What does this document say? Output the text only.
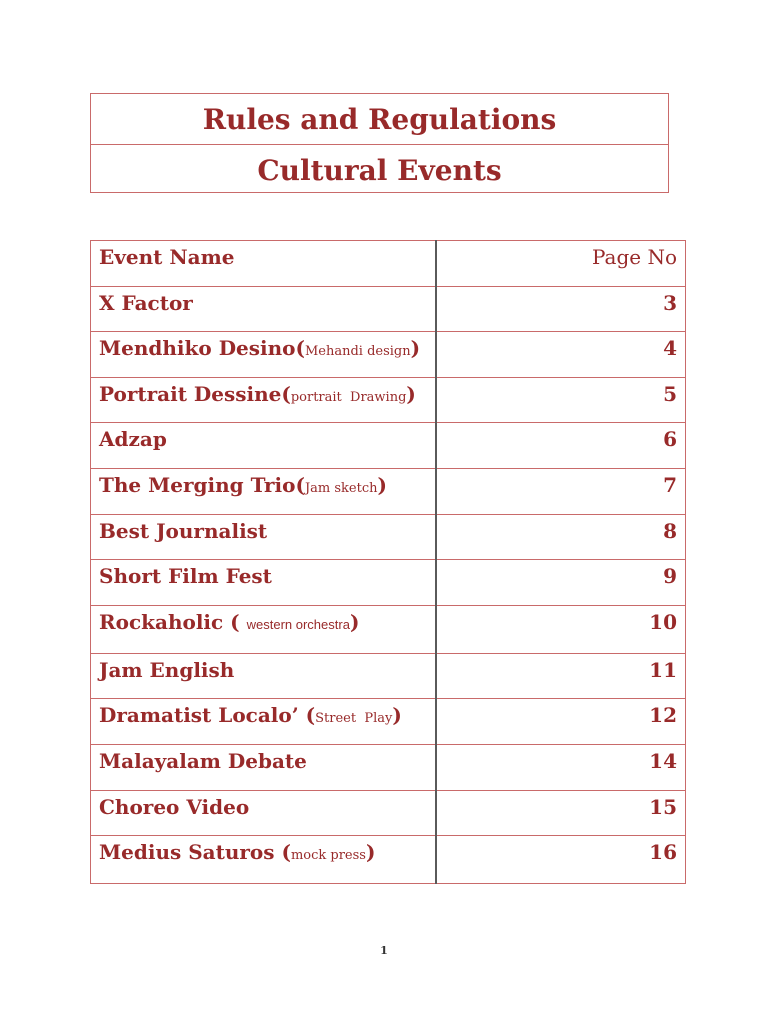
Rules and Regulations
Cultural Events
Event Name	Page No
X Factor	3
Mendhiko Desino(Mehandi design)	4
Portrait Dessine(portrait  Drawing)	5
Adzap	6
The Merging Trio(Jam sketch)	7
Best Journalist	8
Short Film Fest	9
Rockaholic ( western orchestra)	10
Jam English	11
Dramatist Localo’ (Street  Play)	12
Malayalam Debate	14
Choreo Video	15
Medius Saturos (mock press)	16
1
